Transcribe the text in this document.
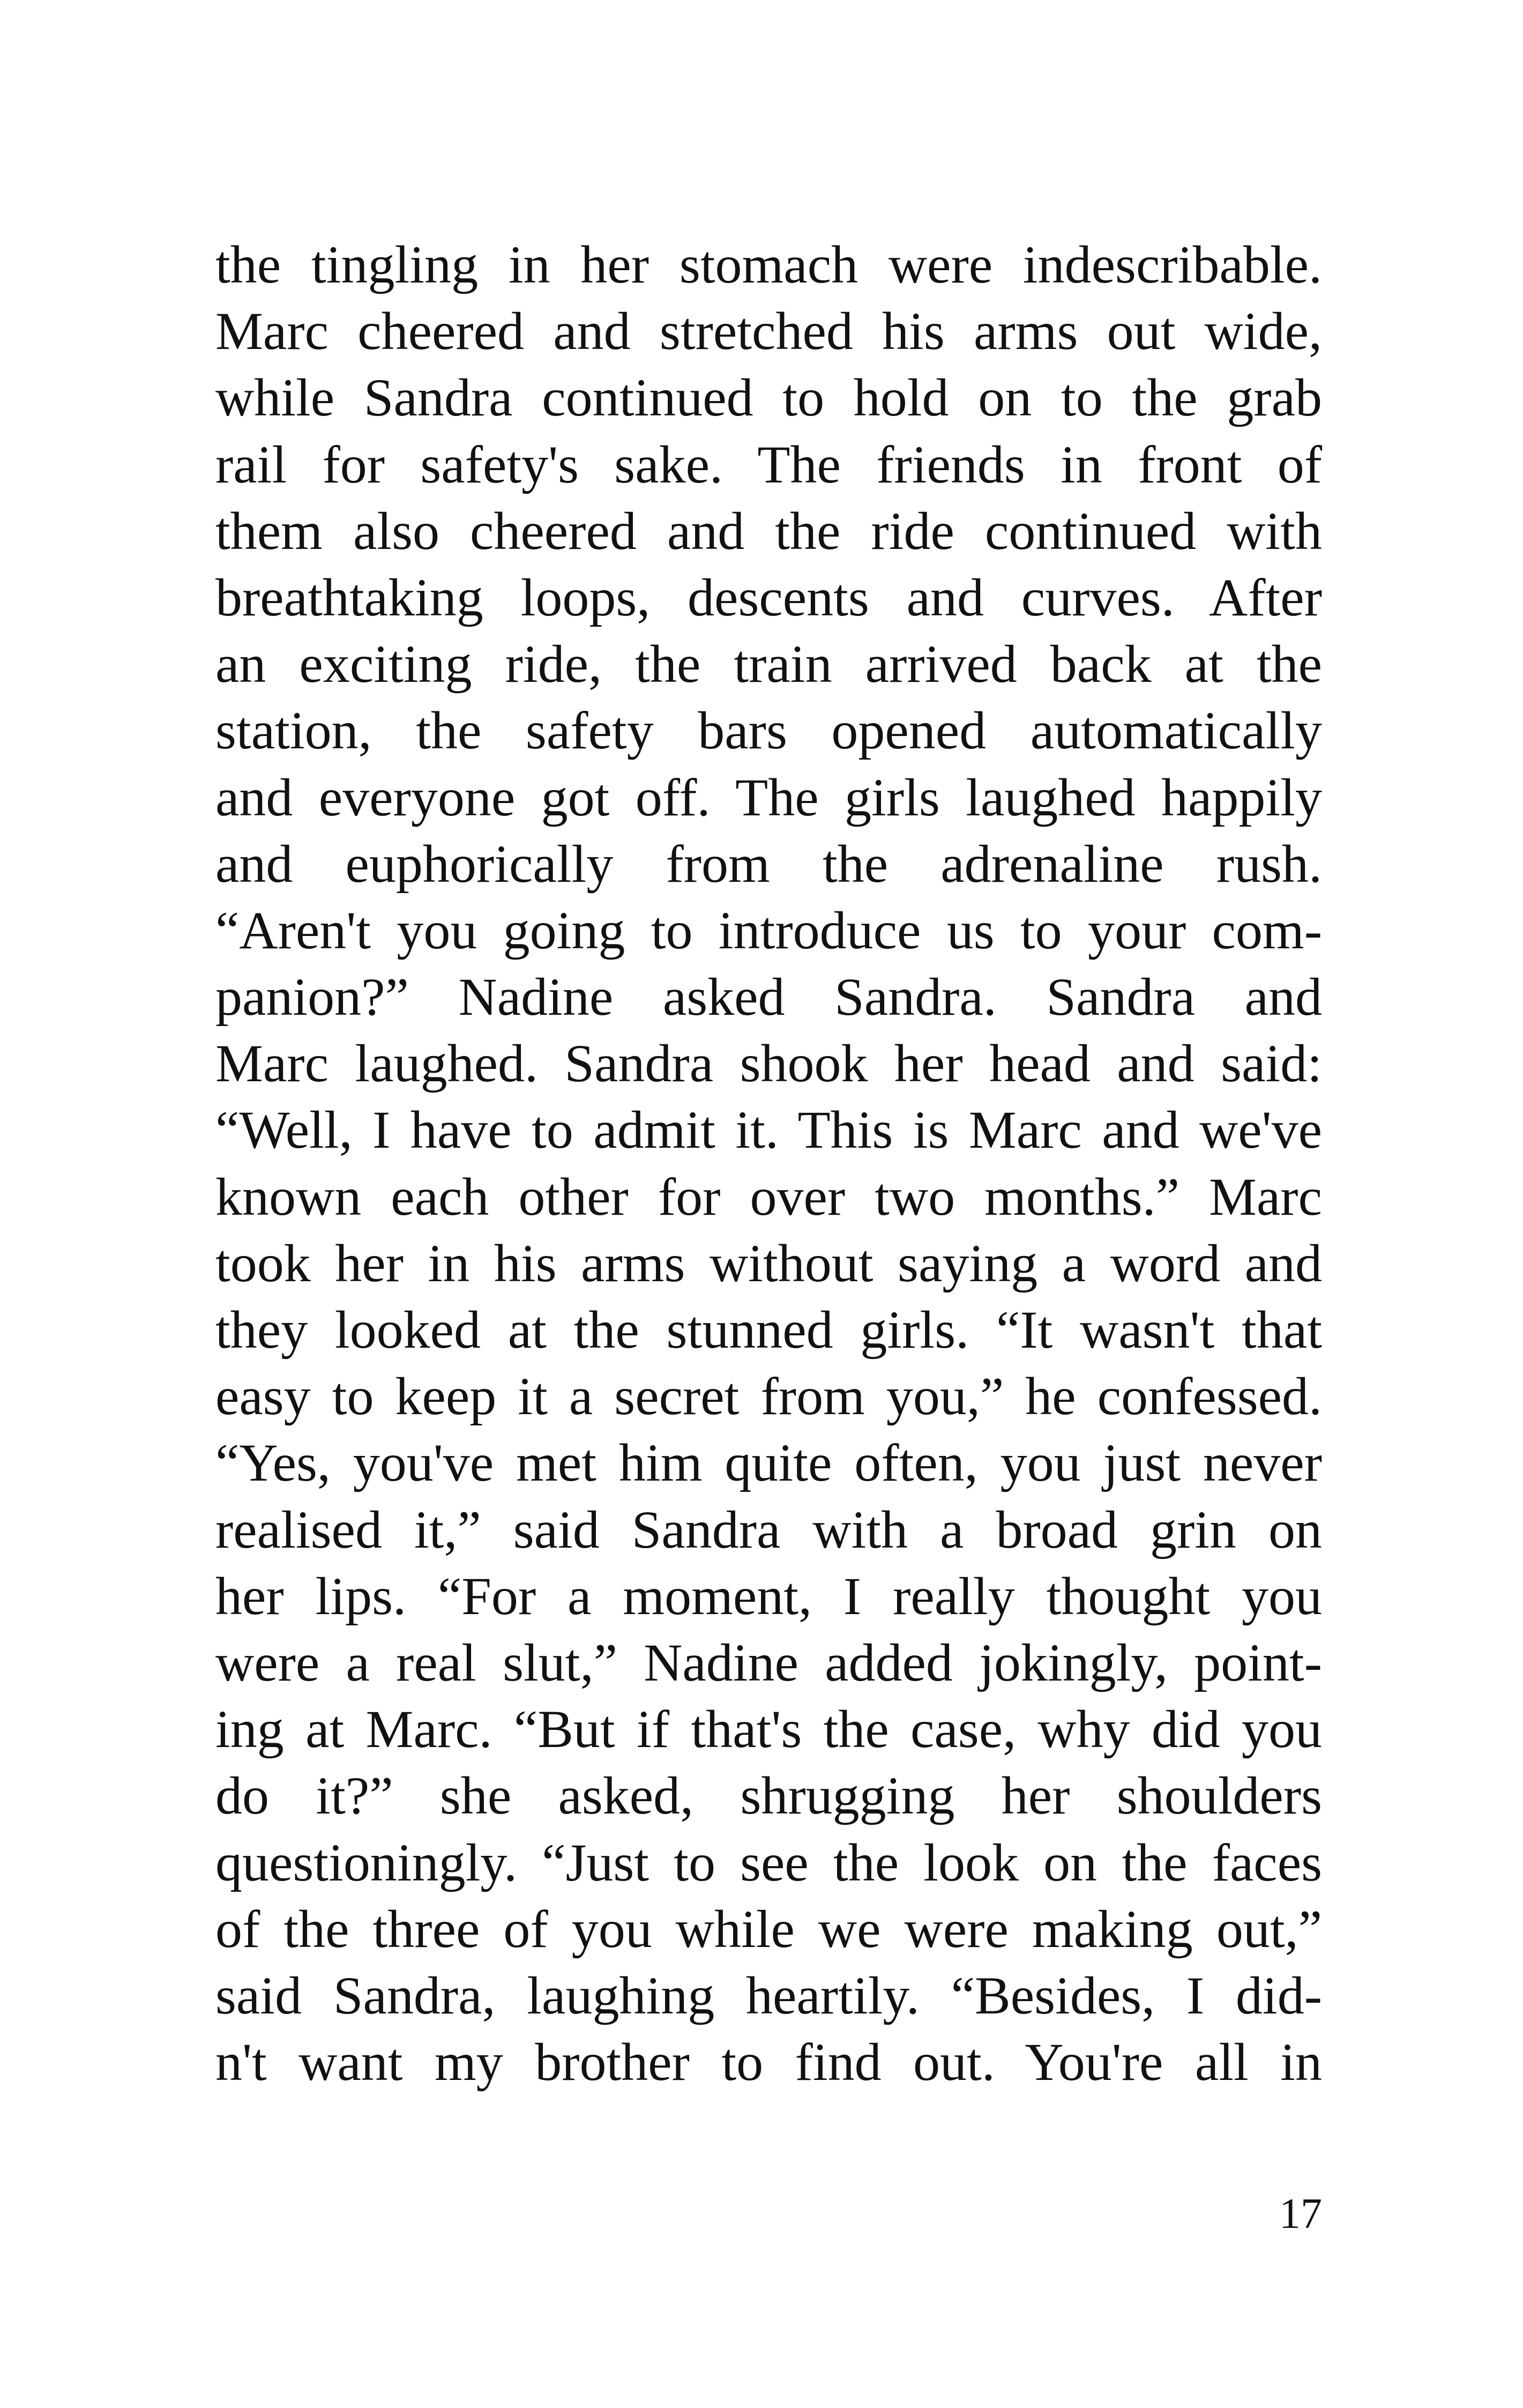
the tingling in her stomach were indescribable.
Marc cheered and stretched his arms out wide,
while Sandra continued to hold on to the grab
rail for safety's sake. The friends in front of
them also cheered and the ride continued with
breathtaking loops, descents and curves. After
an exciting ride, the train arrived back at the
station, the safety bars opened automatically
and everyone got off. The girls laughed happily
and euphorically from the adrenaline rush.
“Aren't you going to introduce us to your com-
panion?” Nadine asked Sandra. Sandra and
Marc laughed. Sandra shook her head and said:
“Well, I have to admit it. This is Marc and we've
known each other for over two months.” Marc
took her in his arms without saying a word and
they looked at the stunned girls. “It wasn't that
easy to keep it a secret from you,” he confessed.
“Yes, you've met him quite often, you just never
realised it,” said Sandra with a broad grin on
her lips. “For a moment, I really thought you
were a real slut,” Nadine added jokingly, point-
ing at Marc. “But if that's the case, why did you
do it?” she asked, shrugging her shoulders
questioningly. “Just to see the look on the faces
of the three of you while we were making out,”
said Sandra, laughing heartily. “Besides, I did-
n't want my brother to find out. You're all in
17
